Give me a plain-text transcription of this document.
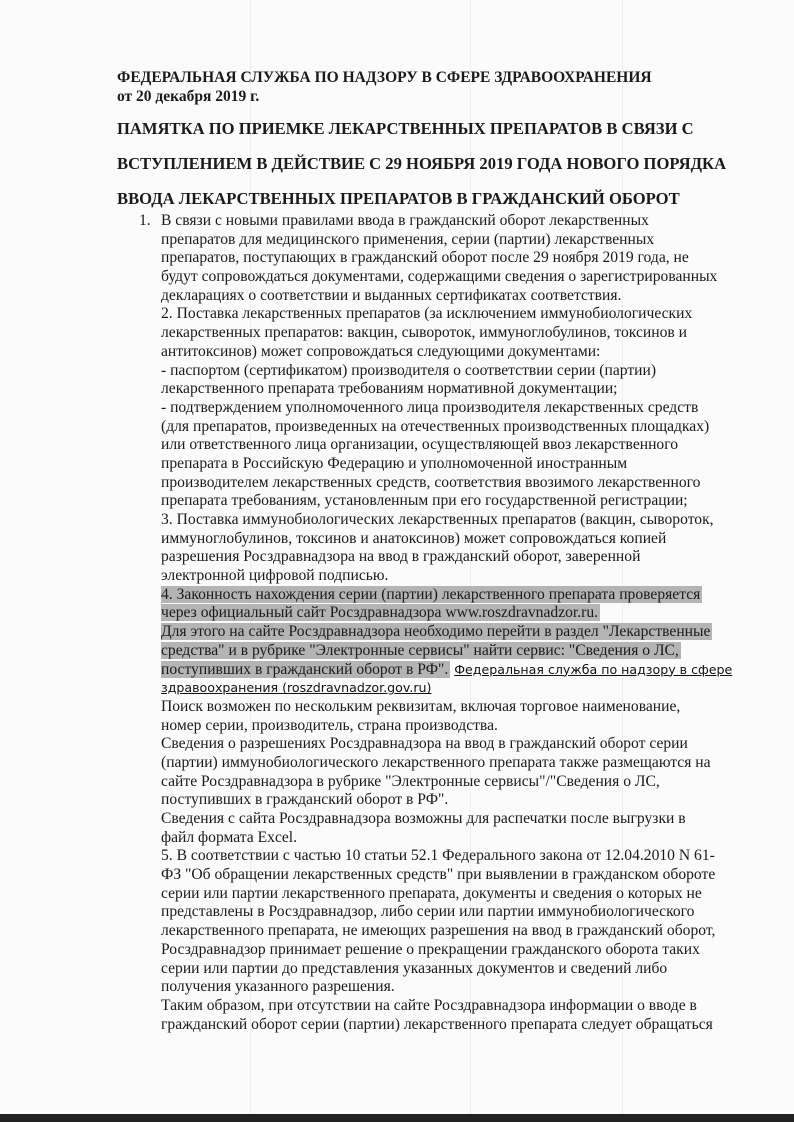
ФЕДЕРАЛЬНАЯ СЛУЖБА ПО НАДЗОРУ В СФЕРЕ ЗДРАВООХРАНЕНИЯ
от 20 декабря 2019 г.
ПАМЯТКА ПО ПРИЕМКЕ ЛЕКАРСТВЕННЫХ ПРЕПАРАТОВ В СВЯЗИ С
ВСТУПЛЕНИЕМ В ДЕЙСТВИЕ С 29 НОЯБРЯ 2019 ГОДА НОВОГО ПОРЯДКА
ВВОДА ЛЕКАРСТВЕННЫХ ПРЕПАРАТОВ В ГРАЖДАНСКИЙ ОБОРОТ
1. В связи с новыми правилами ввода в гражданский оборот лекарственных
препаратов для медицинского применения, серии (партии) лекарственных
препаратов, поступающих в гражданский оборот после 29 ноября 2019 года, не
будут сопровождаться документами, содержащими сведения о зарегистрированных
декларациях о соответствии и выданных сертификатах соответствия.
2. Поставка лекарственных препаратов (за исключением иммунобиологических
лекарственных препаратов: вакцин, сывороток, иммуноглобулинов, токсинов и
антитоксинов) может сопровождаться следующими документами:
- паспортом (сертификатом) производителя о соответствии серии (партии)
лекарственного препарата требованиям нормативной документации;
- подтверждением уполномоченного лица производителя лекарственных средств
(для препаратов, произведенных на отечественных производственных площадках)
или ответственного лица организации, осуществляющей ввоз лекарственного
препарата в Российскую Федерацию и уполномоченной иностранным
производителем лекарственных средств, соответствия ввозимого лекарственного
препарата требованиям, установленным при его государственной регистрации;
3. Поставка иммунобиологических лекарственных препаратов (вакцин, сывороток,
иммуноглобулинов, токсинов и анатоксинов) может сопровождаться копией
разрешения Росздравнадзора на ввод в гражданский оборот, заверенной
электронной цифровой подписью.
4. Законность нахождения серии (партии) лекарственного препарата проверяется
через официальный сайт Росздравнадзора www.roszdravnadzor.ru.
Для этого на сайте Росздравнадзора необходимо перейти в раздел "Лекарственные
средства" и в рубрике "Электронные сервисы" найти сервис: "Сведения о ЛС,
поступивших в гражданский оборот в РФ". Федеральная служба по надзору в сфере
здравоохранения (roszdravnadzor.gov.ru)
Поиск возможен по нескольким реквизитам, включая торговое наименование,
номер серии, производитель, страна производства.
Сведения о разрешениях Росздравнадзора на ввод в гражданский оборот серии
(партии) иммунобиологического лекарственного препарата также размещаются на
сайте Росздравнадзора в рубрике "Электронные сервисы"/"Сведения о ЛС,
поступивших в гражданский оборот в РФ".
Сведения с сайта Росздравнадзора возможны для распечатки после выгрузки в
файл формата Excel.
5. В соответствии с частью 10 статьи 52.1 Федерального закона от 12.04.2010 N 61-
ФЗ "Об обращении лекарственных средств" при выявлении в гражданском обороте
серии или партии лекарственного препарата, документы и сведения о которых не
представлены в Росздравнадзор, либо серии или партии иммунобиологического
лекарственного препарата, не имеющих разрешения на ввод в гражданский оборот,
Росздравнадзор принимает решение о прекращении гражданского оборота таких
серии или партии до представления указанных документов и сведений либо
получения указанного разрешения.
Таким образом, при отсутствии на сайте Росздравнадзора информации о вводе в
гражданский оборот серии (партии) лекарственного препарата следует обращаться
